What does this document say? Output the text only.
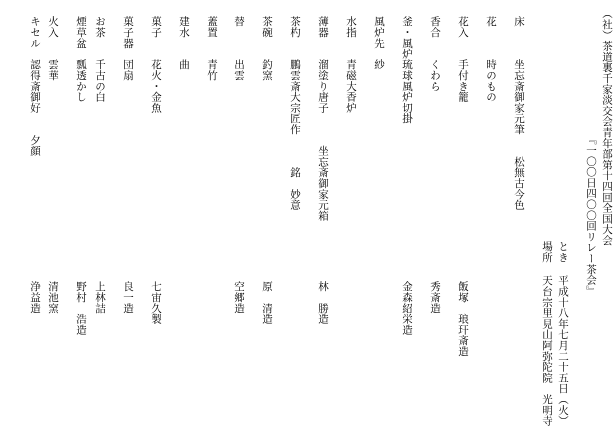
（社）茶道裏千家淡交会青年部第十四回全国大会
『一〇〇日四〇〇回リレー茶会』
とき
平成十八年七月二十五日（火）
場所
天台宗里見山阿弥陀院　光明寺
床
坐忘斎御家元筆　　松無古今色
花
時のもの
花入
手付き籠
飯塚　琅玕斎造
香合
くわら
秀斎造
釜・風炉
琉球風炉切掛
金森紹栄造
風炉先
紗
水指
青磁大香炉
薄器
溜塗り唐子　　　坐忘斎御家元箱
林　勝造
茶杓
鵬雲斎大宗匠作　　　銘　妙意
茶碗
釣窯
原　清造
替
出雲
空郷造
蓋置
青竹
建水
曲
菓子
花火・金魚
七宙久製
菓子器
団扇
良一造
お茶
千古の白
上林詰
煙草盆
瓢透かし
野村　浩造
火入
雲華
清池窯
キセル
認得斎御好　　夕顔
浄益造
